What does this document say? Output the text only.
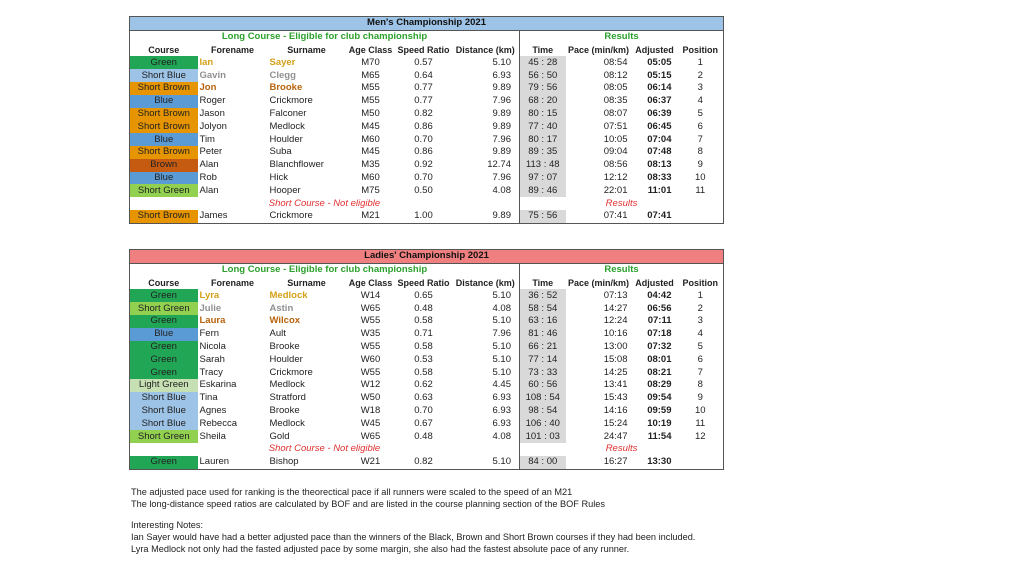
Men's Championship 2021									
Long Course - Eligible for club championship						Results			
Course	Forename	Surname	Age Class	Speed Ratio	Distance (km)	Time	Pace (min/km)	Adjusted	Position
Green	Ian	Sayer	M70	0.57	5.10	45 : 28	08:54	05:05	1
Short Blue	Gavin	Clegg	M65	0.64	6.93	56 : 50	08:12	05:15	2
Short Brown	Jon	Brooke	M55	0.77	9.89	79 : 56	08:05	06:14	3
Blue	Roger	Crickmore	M55	0.77	7.96	68 : 20	08:35	06:37	4
Short Brown	Jason	Falconer	M50	0.82	9.89	80 : 15	08:07	06:39	5
Short Brown	Jolyon	Medlock	M45	0.86	9.89	77 : 40	07:51	06:45	6
Blue	Tim	Houlder	M60	0.70	7.96	80 : 17	10:05	07:04	7
Short Brown	Peter	Suba	M45	0.86	9.89	89 : 35	09:04	07:48	8
Brown	Alan	Blanchflower	M35	0.92	12.74	113 : 48	08:56	08:13	9
Blue	Rob	Hick	M60	0.70	7.96	97 : 07	12:12	08:33	10
Short Green	Alan	Hooper	M75	0.50	4.08	89 : 46	22:01	11:01	11
Short Course - Not eligible						Results			
Short Brown	James	Crickmore	M21	1.00	9.89	75 : 56	07:41	07:41	
Ladies' Championship 2021									
Long Course - Eligible for club championship						Results			
Course	Forename	Surname	Age Class	Speed Ratio	Distance (km)	Time	Pace (min/km)	Adjusted	Position
Green	Lyra	Medlock	W14	0.65	5.10	36 : 52	07:13	04:42	1
Short Green	Julie	Astin	W65	0.48	4.08	58 : 54	14:27	06:56	2
Green	Laura	Wilcox	W55	0.58	5.10	63 : 16	12:24	07:11	3
Blue	Fern	Ault	W35	0.71	7.96	81 : 46	10:16	07:18	4
Green	Nicola	Brooke	W55	0.58	5.10	66 : 21	13:00	07:32	5
Green	Sarah	Houlder	W60	0.53	5.10	77 : 14	15:08	08:01	6
Green	Tracy	Crickmore	W55	0.58	5.10	73 : 33	14:25	08:21	7
Light Green	Eskarina	Medlock	W12	0.62	4.45	60 : 56	13:41	08:29	8
Short Blue	Tina	Stratford	W50	0.63	6.93	108 : 54	15:43	09:54	9
Short Blue	Agnes	Brooke	W18	0.70	6.93	98 : 54	14:16	09:59	10
Short Blue	Rebecca	Medlock	W45	0.67	6.93	106 : 40	15:24	10:19	11
Short Green	Sheila	Gold	W65	0.48	4.08	101 : 03	24:47	11:54	12
Short Course - Not eligible						Results			
Green	Lauren	Bishop	W21	0.82	5.10	84 : 00	16:27	13:30	

The adjusted pace used for ranking is the theorectical pace if all runners were scaled to the speed of an M21

The long-distance speed ratios are calculated by BOF and are listed in the course planning section of the BOF Rules

Interesting Notes:

Ian Sayer would have had a better adjusted pace than the winners of the Black, Brown and Short Brown courses if they had been included.

Lyra Medlock not only had the fasted adjusted pace by some margin, she also had the fastest absolute pace of any runner.
